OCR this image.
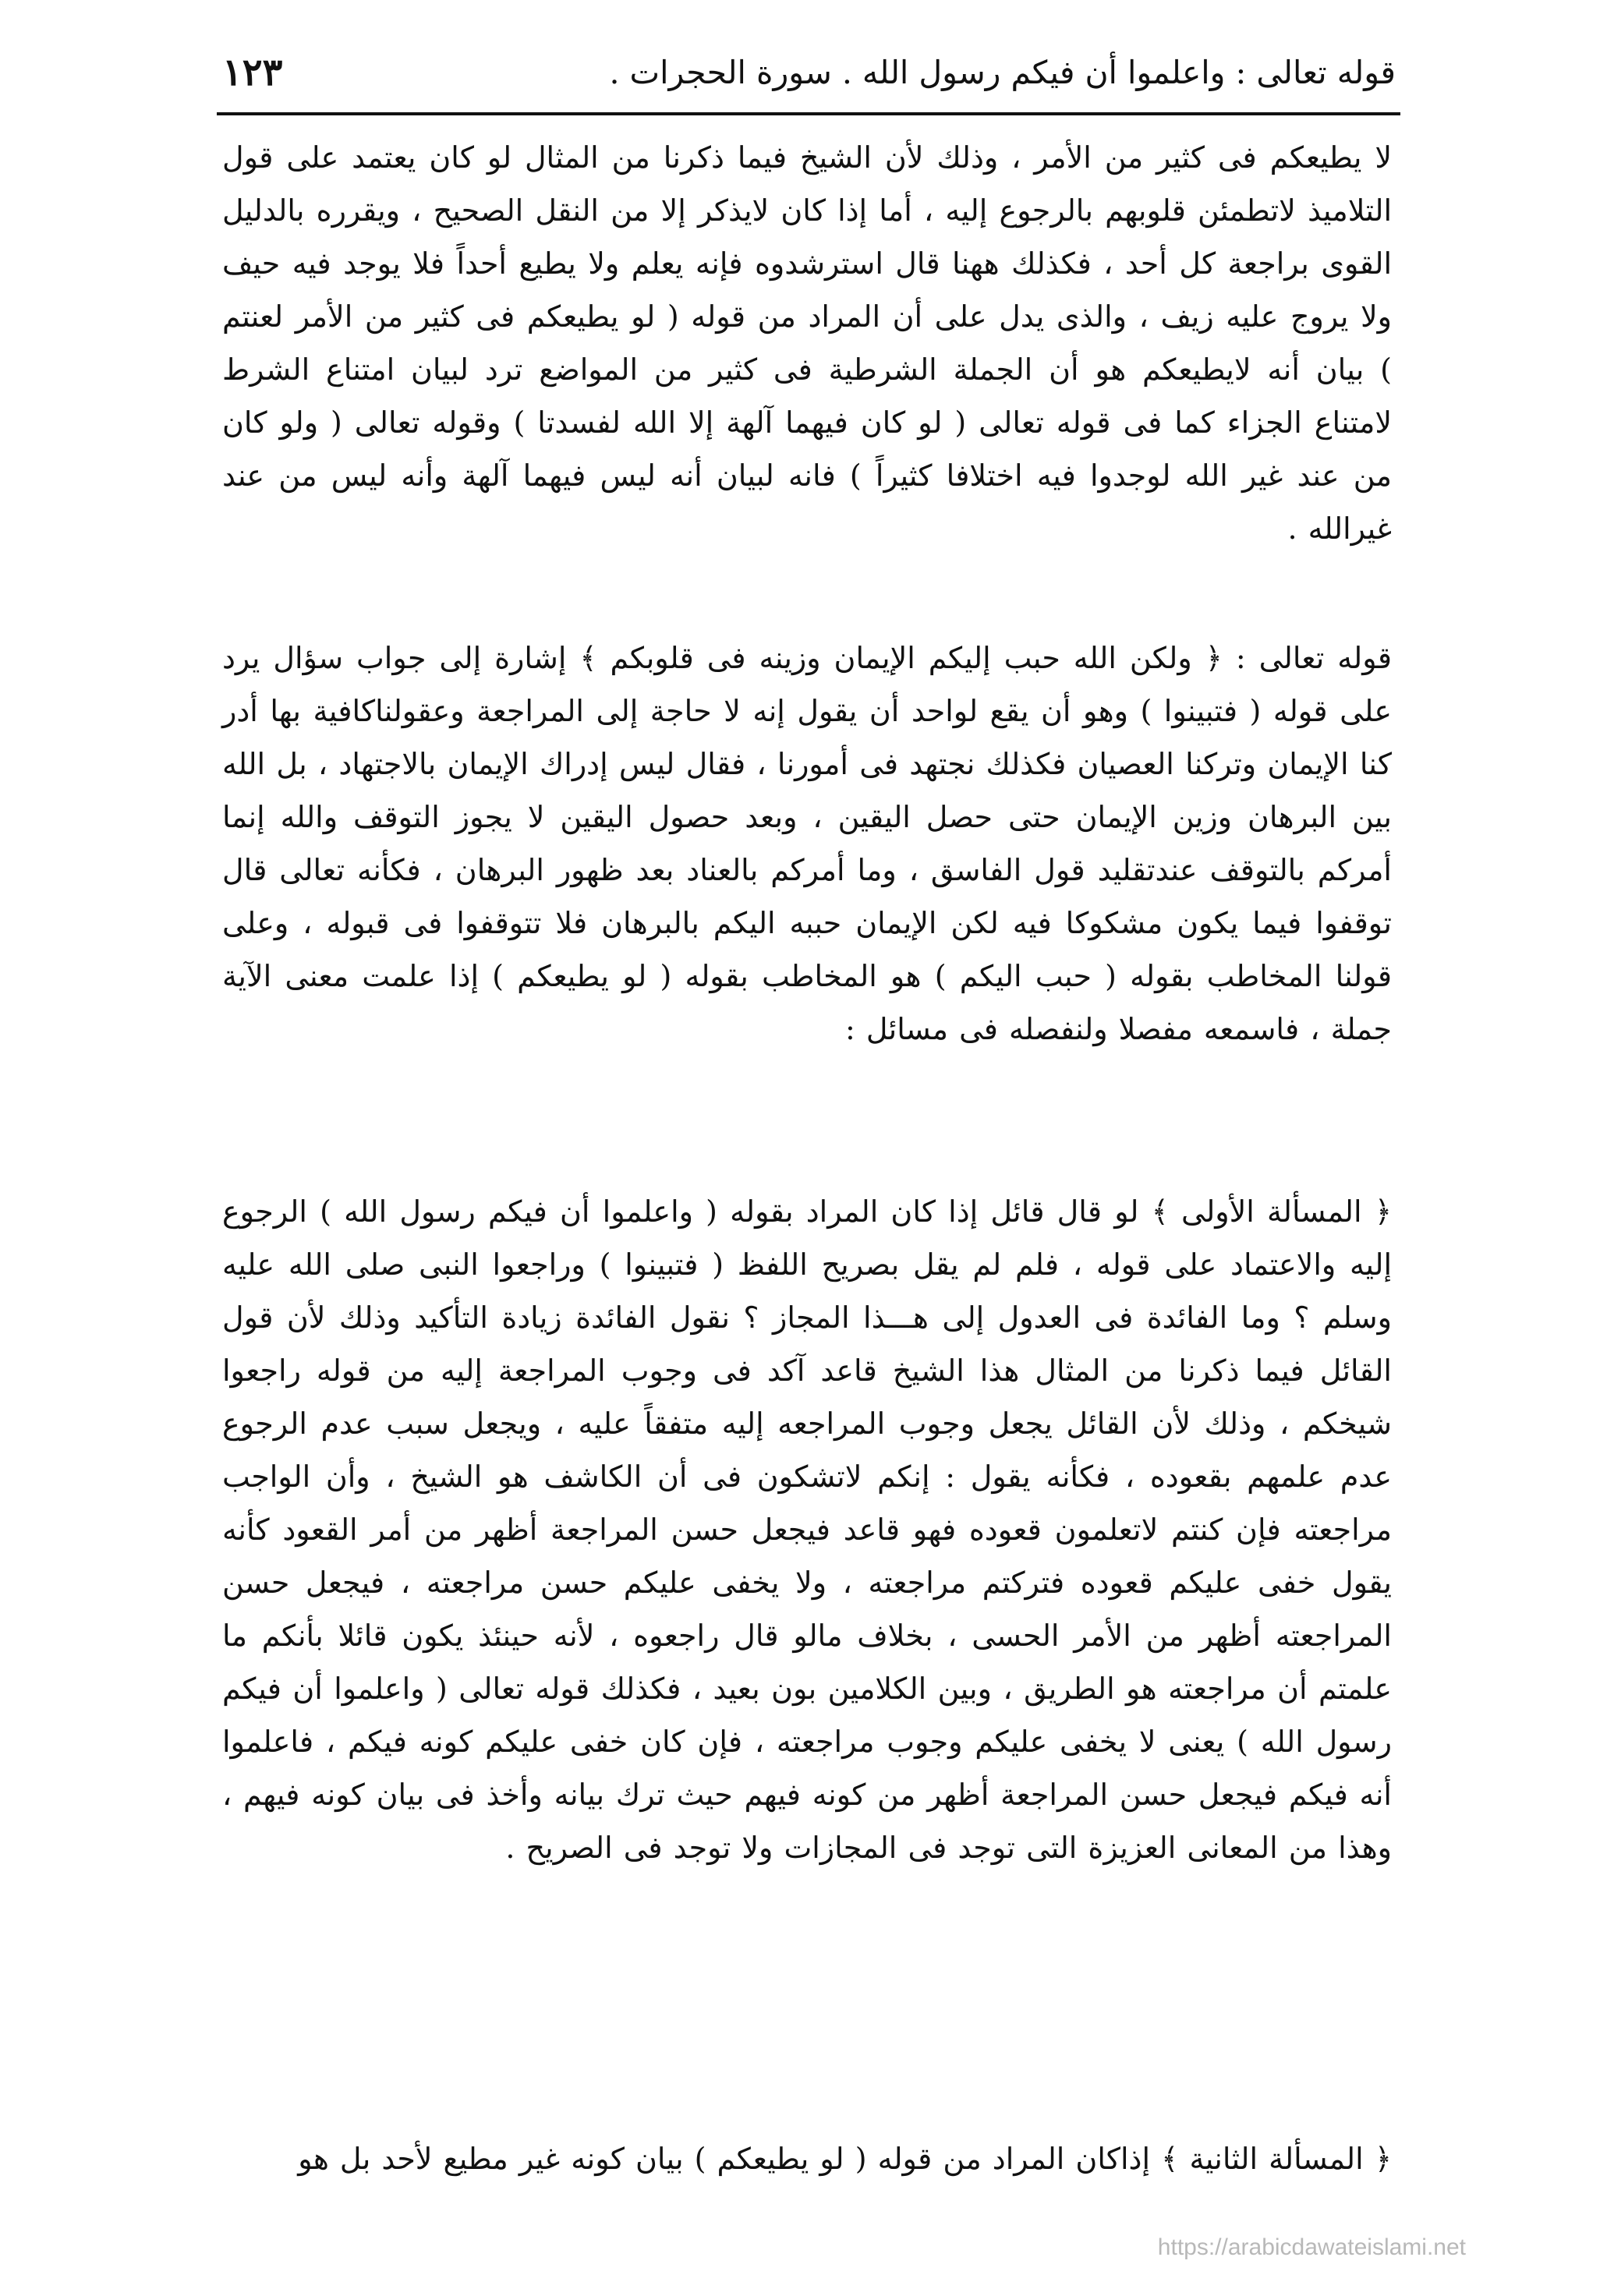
قوله تعالى : واعلموا أن فيكم رسول الله . سورة الحجرات .
١٢٣

لا يطيعكم فى كثير من الأمر ، وذلك لأن الشيخ فيما ذكرنا من المثال لو كان يعتمد على قول التلاميذ لاتطمئن قلوبهم بالرجوع إليه ، أما إذا كان لايذكر إلا من النقل الصحيح ، ويقرره بالدليل القوى براجعة كل أحد ، فكذلك ههنا قال استرشدوه فإنه يعلم ولا يطيع أحداً فلا يوجد فيه حيف ولا يروج عليه زيف ، والذى يدل على أن المراد من قوله ( لو يطيعكم فى كثير من الأمر لعنتم ) بيان أنه لايطيعكم هو أن الجملة الشرطية فى كثير من المواضع ترد لبيان امتناع الشرط لامتناع الجزاء كما فى قوله تعالى ( لو كان فيهما آلهة إلا الله لفسدتا ) وقوله تعالى ( ولو كان من عند غير الله لوجدوا فيه اختلافا كثيراً ) فانه لبيان أنه ليس فيهما آلهة وأنه ليس من عند غيرالله .

قوله تعالى : ﴿ ولكن الله حبب إليكم الإيمان وزينه فى قلوبكم ﴾ إشارة إلى جواب سؤال يرد على قوله ( فتبينوا ) وهو أن يقع لواحد أن يقول إنه لا حاجة إلى المراجعة وعقولناكافية بها أدر كنا الإيمان وتركنا العصيان فكذلك نجتهد فى أمورنا ، فقال ليس إدراك الإيمان بالاجتهاد ، بل الله بين البرهان وزين الإيمان حتى حصل اليقين ، وبعد حصول اليقين لا يجوز التوقف والله إنما أمركم بالتوقف عندتقليد قول الفاسق ، وما أمركم بالعناد بعد ظهور البرهان ، فكأنه تعالى قال توقفوا فيما يكون مشكوكا فيه لكن الإيمان حببه اليكم بالبرهان فلا تتوقفوا فى قبوله ، وعلى قولنا المخاطب بقوله ( حبب اليكم ) هو المخاطب بقوله ( لو يطيعكم ) إذا علمت معنى الآية جملة ، فاسمعه مفصلا ولنفصله فى مسائل :

﴿ المسألة الأولى ﴾ لو قال قائل إذا كان المراد بقوله ( واعلموا أن فيكم رسول الله ) الرجوع إليه والاعتماد على قوله ، فلم لم يقل بصريح اللفظ ( فتبينوا ) وراجعوا النبى صلى الله عليه وسلم ؟ وما الفائدة فى العدول إلى هـــذا المجاز ؟ نقول الفائدة زيادة التأكيد وذلك لأن قول القائل فيما ذكرنا من المثال هذا الشيخ قاعد آكد فى وجوب المراجعة إليه من قوله راجعوا شيخكم ، وذلك لأن القائل يجعل وجوب المراجعه إليه متفقاً عليه ، ويجعل سبب عدم الرجوع عدم علمهم بقعوده ، فكأنه يقول : إنكم لاتشكون فى أن الكاشف هو الشيخ ، وأن الواجب مراجعته فإن كنتم لاتعلمون قعوده فهو قاعد فيجعل حسن المراجعة أظهر من أمر القعود كأنه يقول خفى عليكم قعوده فتركتم مراجعته ، ولا يخفى عليكم حسن مراجعته ، فيجعل حسن المراجعته أظهر من الأمر الحسى ، بخلاف مالو قال راجعوه ، لأنه حينئذ يكون قائلا بأنكم ما علمتم أن مراجعته هو الطريق ، وبين الكلامين بون بعيد ، فكذلك قوله تعالى ( واعلموا أن فيكم رسول الله ) يعنى لا يخفى عليكم وجوب مراجعته ، فإن كان خفى عليكم كونه فيكم ، فاعلموا أنه فيكم فيجعل حسن المراجعة أظهر من كونه فيهم حيث ترك بيانه وأخذ فى بيان كونه فيهم ، وهذا من المعانى العزيزة التى توجد فى المجازات ولا توجد فى الصريح .

﴿ المسألة الثانية ﴾ إذاكان المراد من قوله ( لو يطيعكم ) بيان كونه غير مطيع لأحد بل هو

https://arabicdawateislami.net
